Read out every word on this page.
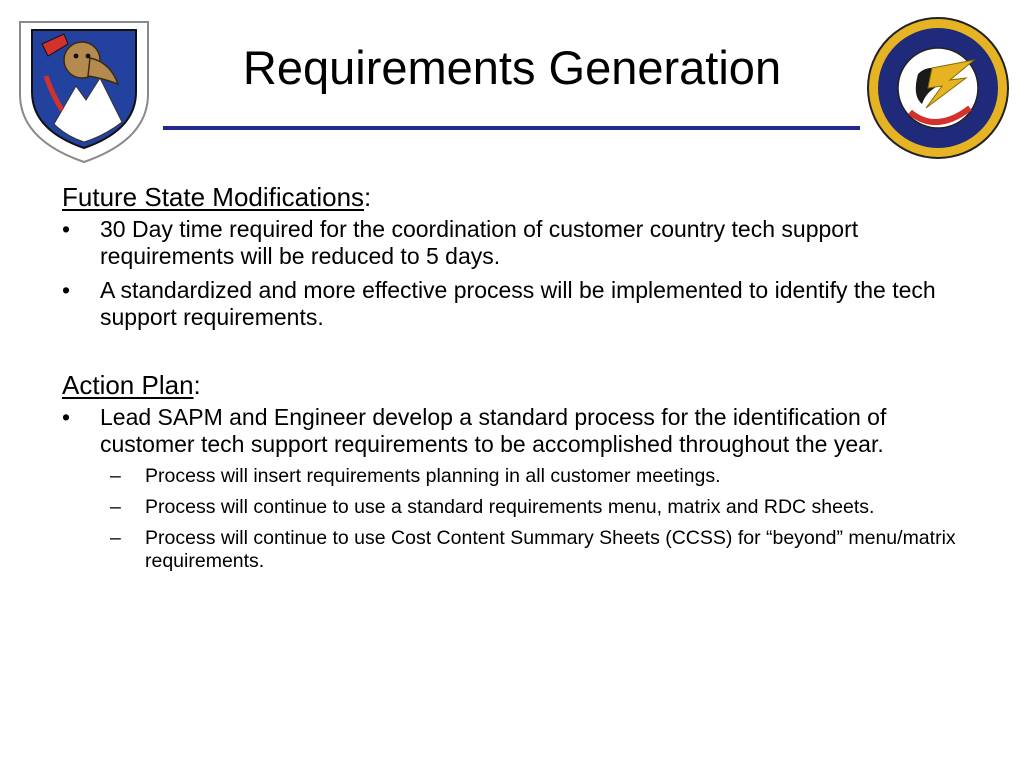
Requirements Generation
Future State Modifications:
• 30 Day time required for the coordination of customer country tech support requirements will be reduced to 5 days.
• A standardized and more effective process will be implemented to identify the tech support requirements.
Action Plan:
• Lead SAPM and Engineer develop a standard process for the identification of customer tech support requirements to be accomplished throughout the year.
– Process will insert requirements planning in all customer meetings.
– Process will continue to use a standard requirements menu, matrix and RDC sheets.
– Process will continue to use Cost Content Summary Sheets (CCSS) for “beyond” menu/matrix requirements.
